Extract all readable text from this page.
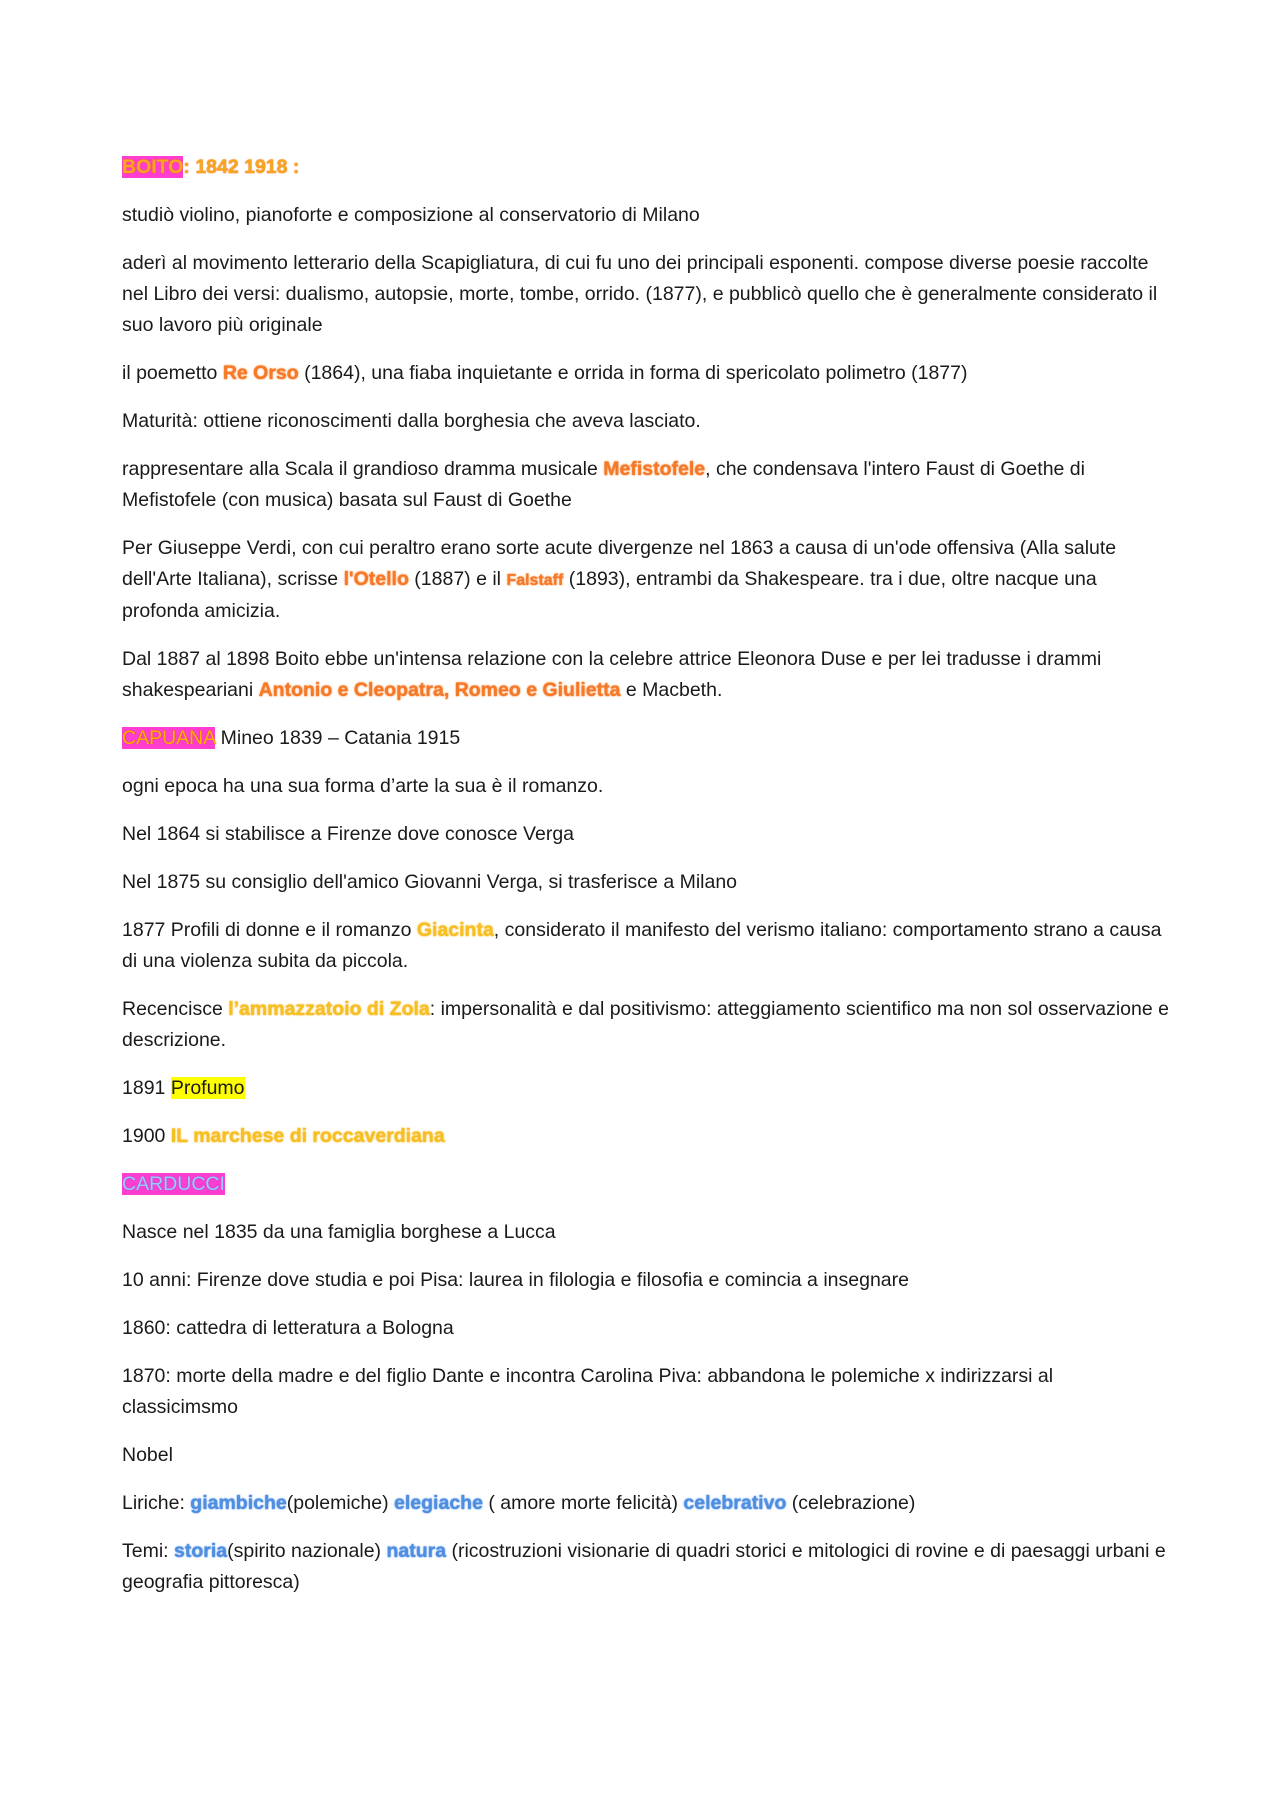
BOITO: 1842 1918 :

studiò violino, pianoforte e composizione al conservatorio di Milano

aderì al movimento letterario della Scapigliatura, di cui fu uno dei principali esponenti. compose diverse poesie raccolte nel Libro dei versi: dualismo, autopsie, morte, tombe, orrido. (1877), e pubblicò quello che è generalmente considerato il suo lavoro più originale

il poemetto Re Orso (1864), una fiaba inquietante e orrida in forma di spericolato polimetro (1877)

Maturità: ottiene riconoscimenti dalla borghesia che aveva lasciato.

rappresentare alla Scala il grandioso dramma musicale Mefistofele, che condensava l'intero Faust di Goethe di Mefistofele (con musica) basata sul Faust di Goethe

Per Giuseppe Verdi, con cui peraltro erano sorte acute divergenze nel 1863 a causa di un'ode offensiva (Alla salute dell'Arte Italiana), scrisse l'Otello (1887) e il Falstaff (1893), entrambi da Shakespeare. tra i due, oltre nacque una profonda amicizia.

Dal 1887 al 1898 Boito ebbe un'intensa relazione con la celebre attrice Eleonora Duse e per lei tradusse i drammi shakespeariani Antonio e Cleopatra, Romeo e Giulietta e Macbeth.

CAPUANA Mineo 1839 – Catania 1915

ogni epoca ha una sua forma d’arte la sua è il romanzo.

Nel 1864 si stabilisce a Firenze dove conosce Verga

Nel 1875 su consiglio dell'amico Giovanni Verga, si trasferisce a Milano

1877 Profili di donne e il romanzo Giacinta, considerato il manifesto del verismo italiano: comportamento strano a causa di una violenza subita da piccola.

Recencisce l’ammazzatoio di Zola: impersonalità e dal positivismo: atteggiamento scientifico ma non sol osservazione e descrizione.

1891 Profumo

1900 IL marchese di roccaverdiana

CARDUCCI

Nasce nel 1835 da una famiglia borghese a Lucca

10 anni: Firenze dove studia e poi Pisa: laurea in filologia e filosofia e comincia a insegnare

1860: cattedra di letteratura a Bologna

1870: morte della madre e del figlio Dante e incontra Carolina Piva: abbandona le polemiche x indirizzarsi al classicimsmo

Nobel

Liriche: giambiche(polemiche) elegiache ( amore morte felicità) celebrativo (celebrazione)

Temi: storia(spirito nazionale) natura (ricostruzioni visionarie di quadri storici e mitologici di rovine e di paesaggi urbani e geografia pittoresca)
